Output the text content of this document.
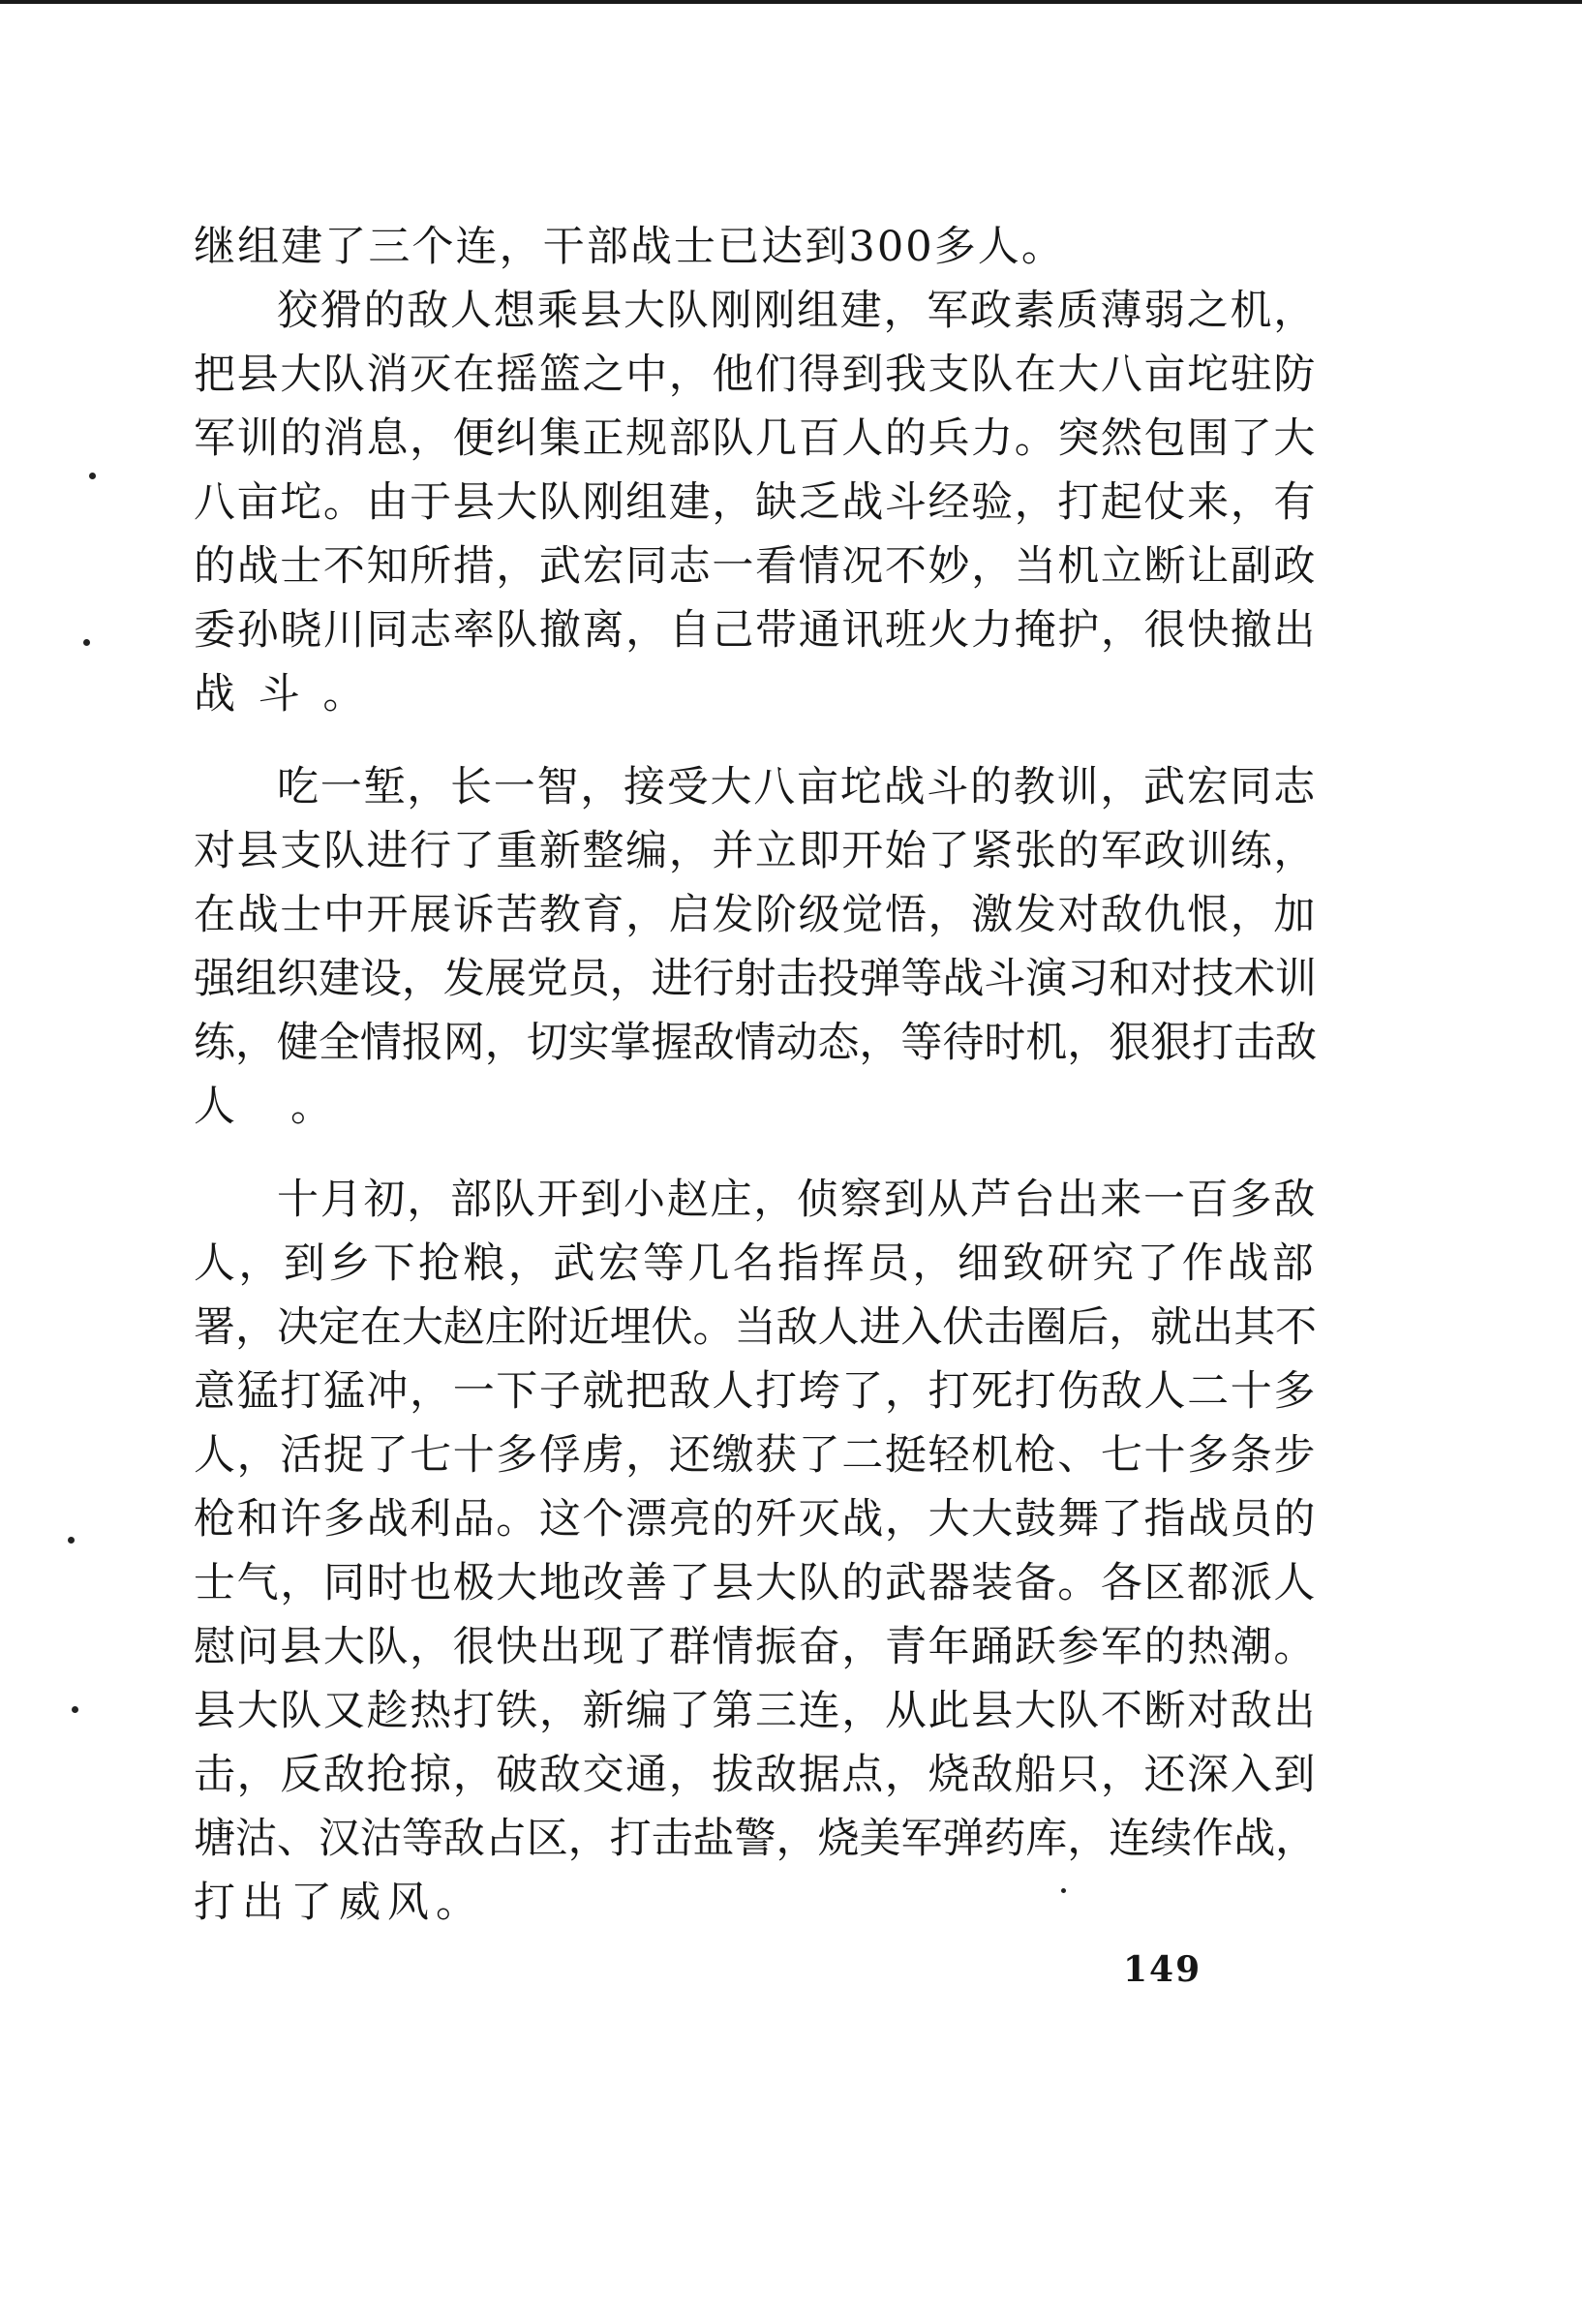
继组建了三个连，干部战士已达到300多人。
狡猾的敌人想乘县大队刚刚组建，军政素质薄弱之机，
把县大队消灭在摇篮之中，他们得到我支队在大八亩坨驻防
军训的消息，便纠集正规部队几百人的兵力。突然包围了大
八亩坨。由于县大队刚组建，缺乏战斗经验，打起仗来，有
的战士不知所措，武宏同志一看情况不妙，当机立断让副政
委孙晓川同志率队撤离，自己带通讯班火力掩护，很快撤出
战斗。
吃一堑，长一智，接受大八亩坨战斗的教训，武宏同志
对县支队进行了重新整编，并立即开始了紧张的军政训练，
在战士中开展诉苦教育，启发阶级觉悟，激发对敌仇恨，加
强组织建设，发展党员，进行射击投弹等战斗演习和对技术训
练，健全情报网，切实掌握敌情动态，等待时机，狠狠打击敌
人。
十月初，部队开到小赵庄，侦察到从芦台出来一百多敌
人，到乡下抢粮，武宏等几名指挥员，细致研究了作战部
署，决定在大赵庄附近埋伏。当敌人进入伏击圈后，就出其不
意猛打猛冲，一下子就把敌人打垮了，打死打伤敌人二十多
人，活捉了七十多俘虏，还缴获了二挺轻机枪、七十多条步
枪和许多战利品。这个漂亮的歼灭战，大大鼓舞了指战员的
士气，同时也极大地改善了县大队的武器装备。各区都派人
慰问县大队，很快出现了群情振奋，青年踊跃参军的热潮。
县大队又趁热打铁，新编了第三连，从此县大队不断对敌出
击，反敌抢掠，破敌交通，拔敌据点，烧敌船只，还深入到
塘沽、汉沽等敌占区，打击盐警，烧美军弹药库，连续作战，
打出了威风。
149
